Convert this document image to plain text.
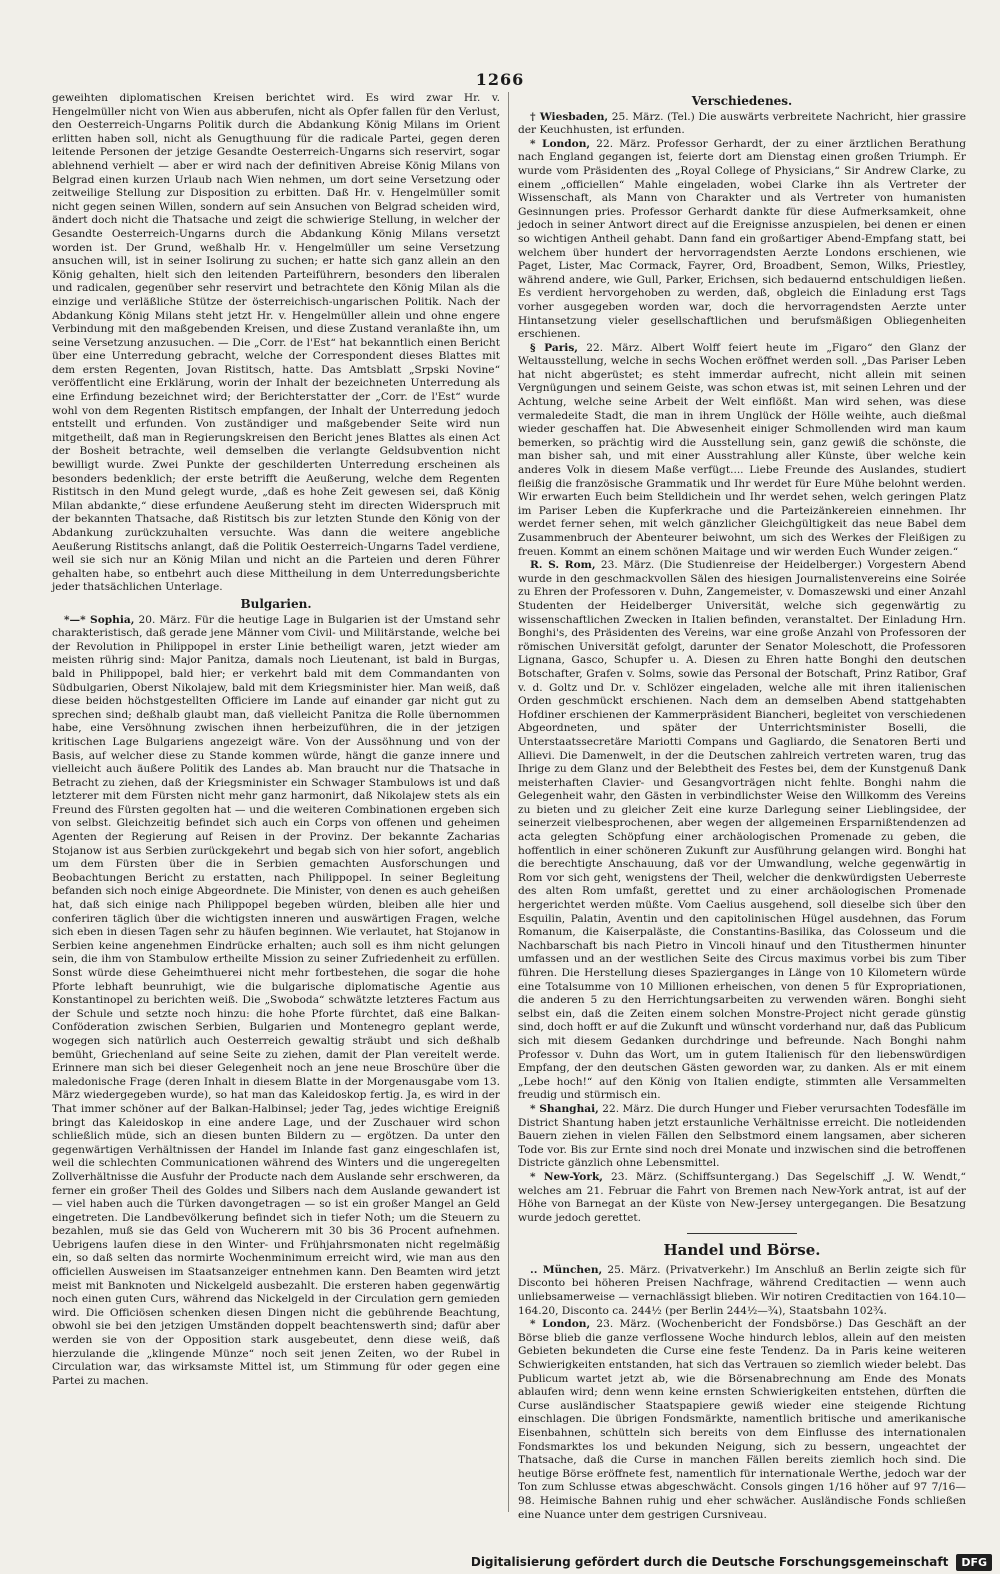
1266

geweihten diplomatischen Kreisen berichtet wird. Es wird zwar Hr. v. Hengelmüller nicht von Wien aus abberufen, nicht als Opfer fallen für den Verlust, den Oesterreich-Ungarns Politik durch die Abdankung König Milans im Orient erlitten haben soll, nicht als Genugthuung für die radicale Partei, gegen deren leitende Personen der jetzige Gesandte Oesterreich-Ungarns sich reservirt, sogar ablehnend verhielt — aber er wird nach der definitiven Abreise König Milans von Belgrad einen kurzen Urlaub nach Wien nehmen, um dort seine Versetzung oder zeitweilige Stellung zur Disposition zu erbitten. Daß Hr. v. Hengelmüller somit nicht gegen seinen Willen, sondern auf sein Ansuchen von Belgrad scheiden wird, ändert doch nicht die Thatsache und zeigt die schwierige Stellung, in welcher der Gesandte Oesterreich-Ungarns durch die Abdankung König Milans versetzt worden ist. Der Grund, weßhalb Hr. v. Hengelmüller um seine Versetzung ansuchen will, ist in seiner Isolirung zu suchen; er hatte sich ganz allein an den König gehalten, hielt sich den leitenden Parteiführern, besonders den liberalen und radicalen, gegenüber sehr reservirt und betrachtete den König Milan als die einzige und verläßliche Stütze der österreichisch-ungarischen Politik. Nach der Abdankung König Milans steht jetzt Hr. v. Hengelmüller allein und ohne engere Verbindung mit den maßgebenden Kreisen, und diese Zustand veranlaßte ihn, um seine Versetzung anzusuchen. — Die „Corr. de l'Est“ hat bekanntlich einen Bericht über eine Unterredung gebracht, welche der Correspondent dieses Blattes mit dem ersten Regenten, Jovan Ristitsch, hatte. Das Amtsblatt „Srpski Novine“ veröffentlicht eine Erklärung, worin der Inhalt der bezeichneten Unterredung als eine Erfindung bezeichnet wird; der Berichterstatter der „Corr. de l'Est“ wurde wohl von dem Regenten Ristitsch empfangen, der Inhalt der Unterredung jedoch entstellt und erfunden. Von zuständiger und maßgebender Seite wird nun mitgetheilt, daß man in Regierungskreisen den Bericht jenes Blattes als einen Act der Bosheit betrachte, weil demselben die verlangte Geldsubvention nicht bewilligt wurde. Zwei Punkte der geschilderten Unterredung erscheinen als besonders bedenklich; der erste betrifft die Aeußerung, welche dem Regenten Ristitsch in den Mund gelegt wurde, „daß es hohe Zeit gewesen sei, daß König Milan abdankte,“ diese erfundene Aeußerung steht im directen Widerspruch mit der bekannten Thatsache, daß Ristitsch bis zur letzten Stunde den König von der Abdankung zurückzuhalten versuchte. Was dann die weitere angebliche Aeußerung Ristitschs anlangt, daß die Politik Oesterreich-Ungarns Tadel verdiene, weil sie sich nur an König Milan und nicht an die Parteien und deren Führer gehalten habe, so entbehrt auch diese Mittheilung in dem Unterredungsberichte jeder thatsächlichen Unterlage.

Bulgarien.

*—* Sophia, 20. März. Für die heutige Lage in Bulgarien ist der Umstand sehr charakteristisch, daß gerade jene Männer vom Civil- und Militärstande, welche bei der Revolution in Philippopel in erster Linie betheiligt waren, jetzt wieder am meisten rührig sind: Major Panitza, damals noch Lieutenant, ist bald in Burgas, bald in Philippopel, bald hier; er verkehrt bald mit dem Commandanten von Südbulgarien, Oberst Nikolajew, bald mit dem Kriegsminister hier. Man weiß, daß diese beiden höchstgestellten Officiere im Lande auf einander gar nicht gut zu sprechen sind; deßhalb glaubt man, daß vielleicht Panitza die Rolle übernommen habe, eine Versöhnung zwischen ihnen herbeizuführen, die in der jetzigen kritischen Lage Bulgariens angezeigt wäre. Von der Aussöhnung und von der Basis, auf welcher diese zu Stande kommen würde, hängt die ganze innere und vielleicht auch äußere Politik des Landes ab. Man braucht nur die Thatsache in Betracht zu ziehen, daß der Kriegsminister ein Schwager Stambulows ist und daß letzterer mit dem Fürsten nicht mehr ganz harmonirt, daß Nikolajew stets als ein Freund des Fürsten gegolten hat — und die weiteren Combinationen ergeben sich von selbst. Gleichzeitig befindet sich auch ein Corps von offenen und geheimen Agenten der Regierung auf Reisen in der Provinz. Der bekannte Zacharias Stojanow ist aus Serbien zurückgekehrt und begab sich von hier sofort, angeblich um dem Fürsten über die in Serbien gemachten Ausforschungen und Beobachtungen Bericht zu erstatten, nach Philippopel. In seiner Begleitung befanden sich noch einige Abgeordnete. Die Minister, von denen es auch geheißen hat, daß sich einige nach Philippopel begeben würden, bleiben alle hier und conferiren täglich über die wichtigsten inneren und auswärtigen Fragen, welche sich eben in diesen Tagen sehr zu häufen beginnen. Wie verlautet, hat Stojanow in Serbien keine angenehmen Eindrücke erhalten; auch soll es ihm nicht gelungen sein, die ihm von Stambulow ertheilte Mission zu seiner Zufriedenheit zu erfüllen. Sonst würde diese Geheimthuerei nicht mehr fortbestehen, die sogar die hohe Pforte lebhaft beunruhigt, wie die bulgarische diplomatische Agentie aus Konstantinopel zu berichten weiß. Die „Swoboda“ schwätzte letzteres Factum aus der Schule und setzte noch hinzu: die hohe Pforte fürchtet, daß eine Balkan-Conföderation zwischen Serbien, Bulgarien und Montenegro geplant werde, wogegen sich natürlich auch Oesterreich gewaltig sträubt und sich deßhalb bemüht, Griechenland auf seine Seite zu ziehen, damit der Plan vereitelt werde. Erinnere man sich bei dieser Gelegenheit noch an jene neue Broschüre über die maledonische Frage (deren Inhalt in diesem Blatte in der Morgenausgabe vom 13. März wiedergegeben wurde), so hat man das Kaleidoskop fertig. Ja, es wird in der That immer schöner auf der Balkan-Halbinsel; jeder Tag, jedes wichtige Ereigniß bringt das Kaleidoskop in eine andere Lage, und der Zuschauer wird schon schließlich müde, sich an diesen bunten Bildern zu — ergötzen. Da unter den gegenwärtigen Verhältnissen der Handel im Inlande fast ganz eingeschlafen ist, weil die schlechten Communicationen während des Winters und die ungeregelten Zollverhältnisse die Ausfuhr der Producte nach dem Auslande sehr erschweren, da ferner ein großer Theil des Goldes und Silbers nach dem Auslande gewandert ist — viel haben auch die Türken davongetragen — so ist ein großer Mangel an Geld eingetreten. Die Landbevölkerung befindet sich in tiefer Noth; um die Steuern zu bezahlen, muß sie das Geld von Wucherern mit 30 bis 36 Procent aufnehmen. Uebrigens laufen diese in den Winter- und Frühjahrsmonaten nicht regelmäßig ein, so daß selten das normirte Wochenminimum erreicht wird, wie man aus den officiellen Ausweisen im Staatsanzeiger entnehmen kann. Den Beamten wird jetzt meist mit Banknoten und Nickelgeld ausbezahlt. Die ersteren haben gegenwärtig noch einen guten Curs, während das Nickelgeld in der Circulation gern gemieden wird. Die Officiösen schenken diesen Dingen nicht die gebührende Beachtung, obwohl sie bei den jetzigen Umständen doppelt beachtenswerth sind; dafür aber werden sie von der Opposition stark ausgebeutet, denn diese weiß, daß hierzulande die „klingende Münze“ noch seit jenen Zeiten, wo der Rubel in Circulation war, das wirksamste Mittel ist, um Stimmung für oder gegen eine Partei zu machen.

Verschiedenes.

† Wiesbaden, 25. März. (Tel.) Die auswärts verbreitete Nachricht, hier grassire der Keuchhusten, ist erfunden.

* London, 22. März. Professor Gerhardt, der zu einer ärztlichen Berathung nach England gegangen ist, feierte dort am Dienstag einen großen Triumph. Er wurde vom Präsidenten des „Royal College of Physicians,“ Sir Andrew Clarke, zu einem „officiellen“ Mahle eingeladen, wobei Clarke ihn als Vertreter der Wissenschaft, als Mann von Charakter und als Vertreter von humanisten Gesinnungen pries. Professor Gerhardt dankte für diese Aufmerksamkeit, ohne jedoch in seiner Antwort direct auf die Ereignisse anzuspielen, bei denen er einen so wichtigen Antheil gehabt. Dann fand ein großartiger Abend-Empfang statt, bei welchem über hundert der hervorragendsten Aerzte Londons erschienen, wie Paget, Lister, Mac Cormack, Fayrer, Ord, Broadbent, Semon, Wilks, Priestley, während andere, wie Gull, Parker, Erichsen, sich bedauernd entschuldigen ließen. Es verdient hervorgehoben zu werden, daß, obgleich die Einladung erst Tags vorher ausgegeben worden war, doch die hervorragendsten Aerzte unter Hintansetzung vieler gesellschaftlichen und berufsmäßigen Obliegenheiten erschienen.

§ Paris, 22. März. Albert Wolff feiert heute im „Figaro“ den Glanz der Weltausstellung, welche in sechs Wochen eröffnet werden soll. „Das Pariser Leben hat nicht abgerüstet; es steht immerdar aufrecht, nicht allein mit seinen Vergnügungen und seinem Geiste, was schon etwas ist, mit seinen Lehren und der Achtung, welche seine Arbeit der Welt einflößt. Man wird sehen, was diese vermaledeite Stadt, die man in ihrem Unglück der Hölle weihte, auch dießmal wieder geschaffen hat. Die Abwesenheit einiger Schmollenden wird man kaum bemerken, so prächtig wird die Ausstellung sein, ganz gewiß die schönste, die man bisher sah, und mit einer Ausstrahlung aller Künste, über welche kein anderes Volk in diesem Maße verfügt.... Liebe Freunde des Auslandes, studiert fleißig die französische Grammatik und Ihr werdet für Eure Mühe belohnt werden. Wir erwarten Euch beim Stelldichein und Ihr werdet sehen, welch geringen Platz im Pariser Leben die Kupferkrache und die Parteizänkereien einnehmen. Ihr werdet ferner sehen, mit welch gänzlicher Gleichgültigkeit das neue Babel dem Zusammenbruch der Abenteurer beiwohnt, um sich des Werkes der Fleißigen zu freuen. Kommt an einem schönen Maitage und wir werden Euch Wunder zeigen.“

R. S. Rom, 23. März. (Die Studienreise der Heidelberger.) Vorgestern Abend wurde in den geschmackvollen Sälen des hiesigen Journalistenvereins eine Soirée zu Ehren der Professoren v. Duhn, Zangemeister, v. Domaszewski und einer Anzahl Studenten der Heidelberger Universität, welche sich gegenwärtig zu wissenschaftlichen Zwecken in Italien befinden, veranstaltet. Der Einladung Hrn. Bonghi's, des Präsidenten des Vereins, war eine große Anzahl von Professoren der römischen Universität gefolgt, darunter der Senator Moleschott, die Professoren Lignana, Gasco, Schupfer u. A. Diesen zu Ehren hatte Bonghi den deutschen Botschafter, Grafen v. Solms, sowie das Personal der Botschaft, Prinz Ratibor, Graf v. d. Goltz und Dr. v. Schlözer eingeladen, welche alle mit ihren italienischen Orden geschmückt erschienen. Nach dem an demselben Abend stattgehabten Hofdiner erschienen der Kammerpräsident Biancheri, begleitet von verschiedenen Abgeordneten, und später der Unterrichtsminister Boselli, die Unterstaatssecretäre Mariotti Compans und Gagliardo, die Senatoren Berti und Allievi. Die Damenwelt, in der die Deutschen zahlreich vertreten waren, trug das Ihrige zu dem Glanz und der Belebtheit des Festes bei, dem der Kunstgenuß Dank meisterhaften Clavier- und Gesangvorträgen nicht fehlte. Bonghi nahm die Gelegenheit wahr, den Gästen in verbindlichster Weise den Willkomm des Vereins zu bieten und zu gleicher Zeit eine kurze Darlegung seiner Lieblingsidee, der seinerzeit vielbesprochenen, aber wegen der allgemeinen Ersparnißtendenzen ad acta gelegten Schöpfung einer archäologischen Promenade zu geben, die hoffentlich in einer schöneren Zukunft zur Ausführung gelangen wird. Bonghi hat die berechtigte Anschauung, daß vor der Umwandlung, welche gegenwärtig in Rom vor sich geht, wenigstens der Theil, welcher die denkwürdigsten Ueberreste des alten Rom umfaßt, gerettet und zu einer archäologischen Promenade hergerichtet werden müßte. Vom Caelius ausgehend, soll dieselbe sich über den Esquilin, Palatin, Aventin und den capitolinischen Hügel ausdehnen, das Forum Romanum, die Kaiserpaläste, die Constantins-Basilika, das Colosseum und die Nachbarschaft bis nach Pietro in Vincoli hinauf und den Titusthermen hinunter umfassen und an der westlichen Seite des Circus maximus vorbei bis zum Tiber führen. Die Herstellung dieses Spazierganges in Länge von 10 Kilometern würde eine Totalsumme von 10 Millionen erheischen, von denen 5 für Expropriationen, die anderen 5 zu den Herrichtungsarbeiten zu verwenden wären. Bonghi sieht selbst ein, daß die Zeiten einem solchen Monstre-Project nicht gerade günstig sind, doch hofft er auf die Zukunft und wünscht vorderhand nur, daß das Publicum sich mit diesem Gedanken durchdringe und befreunde. Nach Bonghi nahm Professor v. Duhn das Wort, um in gutem Italienisch für den liebenswürdigen Empfang, der den deutschen Gästen geworden war, zu danken. Als er mit einem „Lebe hoch!“ auf den König von Italien endigte, stimmten alle Versammelten freudig und stürmisch ein.

* Shanghai, 22. März. Die durch Hunger und Fieber verursachten Todesfälle im District Shantung haben jetzt erstaunliche Verhältnisse erreicht. Die notleidenden Bauern ziehen in vielen Fällen den Selbstmord einem langsamen, aber sicheren Tode vor. Bis zur Ernte sind noch drei Monate und inzwischen sind die betroffenen Districte gänzlich ohne Lebensmittel.

* New-York, 23. März. (Schiffsuntergang.) Das Segelschiff „J. W. Wendt,“ welches am 21. Februar die Fahrt von Bremen nach New-York antrat, ist auf der Höhe von Barnegat an der Küste von New-Jersey untergegangen. Die Besatzung wurde jedoch gerettet.

Handel und Börse.

.. München, 25. März. (Privatverkehr.) Im Anschluß an Berlin zeigte sich für Disconto bei höheren Preisen Nachfrage, während Creditactien — wenn auch unliebsamerweise — vernachlässigt blieben. Wir notiren Creditactien von 164.10—164.20, Disconto ca. 244½ (per Berlin 244½—¾), Staatsbahn 102¾.

* London, 23. März. (Wochenbericht der Fondsbörse.) Das Geschäft an der Börse blieb die ganze verflossene Woche hindurch leblos, allein auf den meisten Gebieten bekundeten die Curse eine feste Tendenz. Da in Paris keine weiteren Schwierigkeiten entstanden, hat sich das Vertrauen so ziemlich wieder belebt. Das Publicum wartet jetzt ab, wie die Börsenabrechnung am Ende des Monats ablaufen wird; denn wenn keine ernsten Schwierigkeiten entstehen, dürften die Curse ausländischer Staatspapiere gewiß wieder eine steigende Richtung einschlagen. Die übrigen Fondsmärkte, namentlich britische und amerikanische Eisenbahnen, schütteln sich bereits von dem Einflusse des internationalen Fondsmarktes los und bekunden Neigung, sich zu bessern, ungeachtet der Thatsache, daß die Curse in manchen Fällen bereits ziemlich hoch sind. Die heutige Börse eröffnete fest, namentlich für internationale Werthe, jedoch war der Ton zum Schlusse etwas abgeschwächt. Consols gingen 1/16 höher auf 97 7/16—98. Heimische Bahnen ruhig und eher schwächer. Ausländische Fonds schließen eine Nuance unter dem gestrigen Cursniveau.

Digitalisierung gefördert durch die Deutsche Forschungsgemeinschaft	DFG
